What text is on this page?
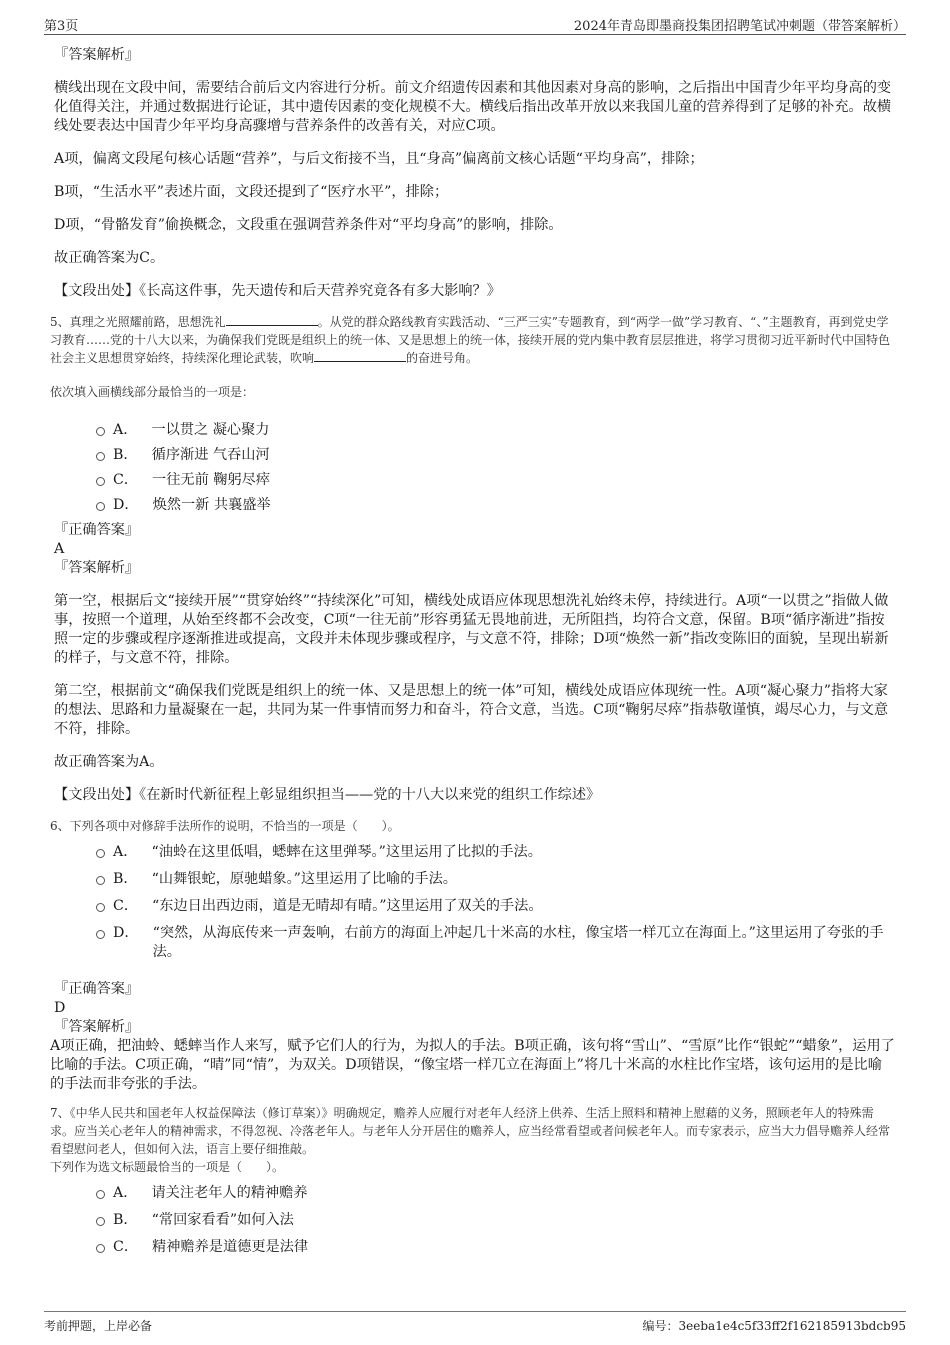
第3页	2024年青岛即墨商投集团招聘笔试冲刺题（带答案解析）

『答案解析』

横线出现在文段中间，需要结合前后文内容进行分析。前文介绍遗传因素和其他因素对身高的影响，之后指出中国青少年平均身高的变化值得关注，并通过数据进行论证，其中遗传因素的变化规模不大。横线后指出改革开放以来我国儿童的营养得到了足够的补充。故横线处要表达中国青少年平均身高骤增与营养条件的改善有关，对应C项。

A项，偏离文段尾句核心话题“营养”，与后文衔接不当，且“身高”偏离前文核心话题“平均身高”，排除；

B项，“生活水平”表述片面，文段还提到了“医疗水平”，排除；

D项，“骨骼发育”偷换概念，文段重在强调营养条件对“平均身高”的影响，排除。

故正确答案为C。

【文段出处】《长高这件事，先天遗传和后天营养究竟各有多大影响？》

5、真理之光照耀前路，思想洗礼	。从党的群众路线教育实践活动、“三严三实”专题教育，到“两学一做”学习教育、“、”主题教育，再到党史学习教育……党的十八大以来，为确保我们党既是组织上的统一体、又是思想上的统一体，接续开展的党内集中教育层层推进，将学习贯彻习近平新时代中国特色社会主义思想贯穿始终，持续深化理论武装，吹响	的奋进号角。

依次填入画横线部分最恰当的一项是：

A． 一以贯之 凝心聚力
B． 循序渐进 气吞山河
C． 一往无前 鞠躬尽瘁
D． 焕然一新 共襄盛举

『正确答案』

A

『答案解析』

第一空，根据后文“接续开展”“贯穿始终”“持续深化”可知，横线处成语应体现思想洗礼始终未停，持续进行。A项“一以贯之”指做人做事，按照一个道理，从始至终都不会改变，C项“一往无前”形容勇猛无畏地前进，无所阻挡，均符合文意，保留。B项“循序渐进”指按照一定的步骤或程序逐渐推进或提高，文段并未体现步骤或程序，与文意不符，排除；D项“焕然一新”指改变陈旧的面貌，呈现出崭新的样子，与文意不符，排除。

第二空，根据前文“确保我们党既是组织上的统一体、又是思想上的统一体”可知，横线处成语应体现统一性。A项“凝心聚力”指将大家的想法、思路和力量凝聚在一起，共同为某一件事情而努力和奋斗，符合文意，当选。C项“鞠躬尽瘁”指恭敬谨慎，竭尽心力，与文意不符，排除。

故正确答案为A。

【文段出处】《在新时代新征程上彰显组织担当——党的十八大以来党的组织工作综述》

6、下列各项中对修辞手法所作的说明，不恰当的一项是（　　）。

A． “油蛉在这里低唱，蟋蟀在这里弹琴。”这里运用了比拟的手法。
B． “山舞银蛇，原驰蜡象。”这里运用了比喻的手法。
C． “东边日出西边雨，道是无晴却有晴。”这里运用了双关的手法。
D． “突然，从海底传来一声轰响，右前方的海面上冲起几十米高的水柱，像宝塔一样兀立在海面上。”这里运用了夸张的手法。

『正确答案』

D

『答案解析』

A项正确，把油蛉、蟋蟀当作人来写，赋予它们人的行为，为拟人的手法。B项正确，该句将“雪山”、“雪原”比作“银蛇”“蜡象”，运用了比喻的手法。C项正确，“晴”同“情”，为双关。D项错误，“像宝塔一样兀立在海面上”将几十米高的水柱比作宝塔，该句运用的是比喻的手法而非夸张的手法。

7、《中华人民共和国老年人权益保障法（修订草案）》明确规定，赡养人应履行对老年人经济上供养、生活上照料和精神上慰藉的义务，照顾老年人的特殊需求。应当关心老年人的精神需求，不得忽视、冷落老年人。与老年人分开居住的赡养人，应当经常看望或者问候老年人。而专家表示，应当大力倡导赡养人经常看望慰问老人，但如何入法，语言上要仔细推敲。

下列作为选文标题最恰当的一项是（　　）。

A． 请关注老年人的精神赡养
B． “常回家看看”如何入法
C． 精神赡养是道德更是法律
考前押题，上岸必备	编号：3eeba1e4c5f33ff2f162185913bdcb95
